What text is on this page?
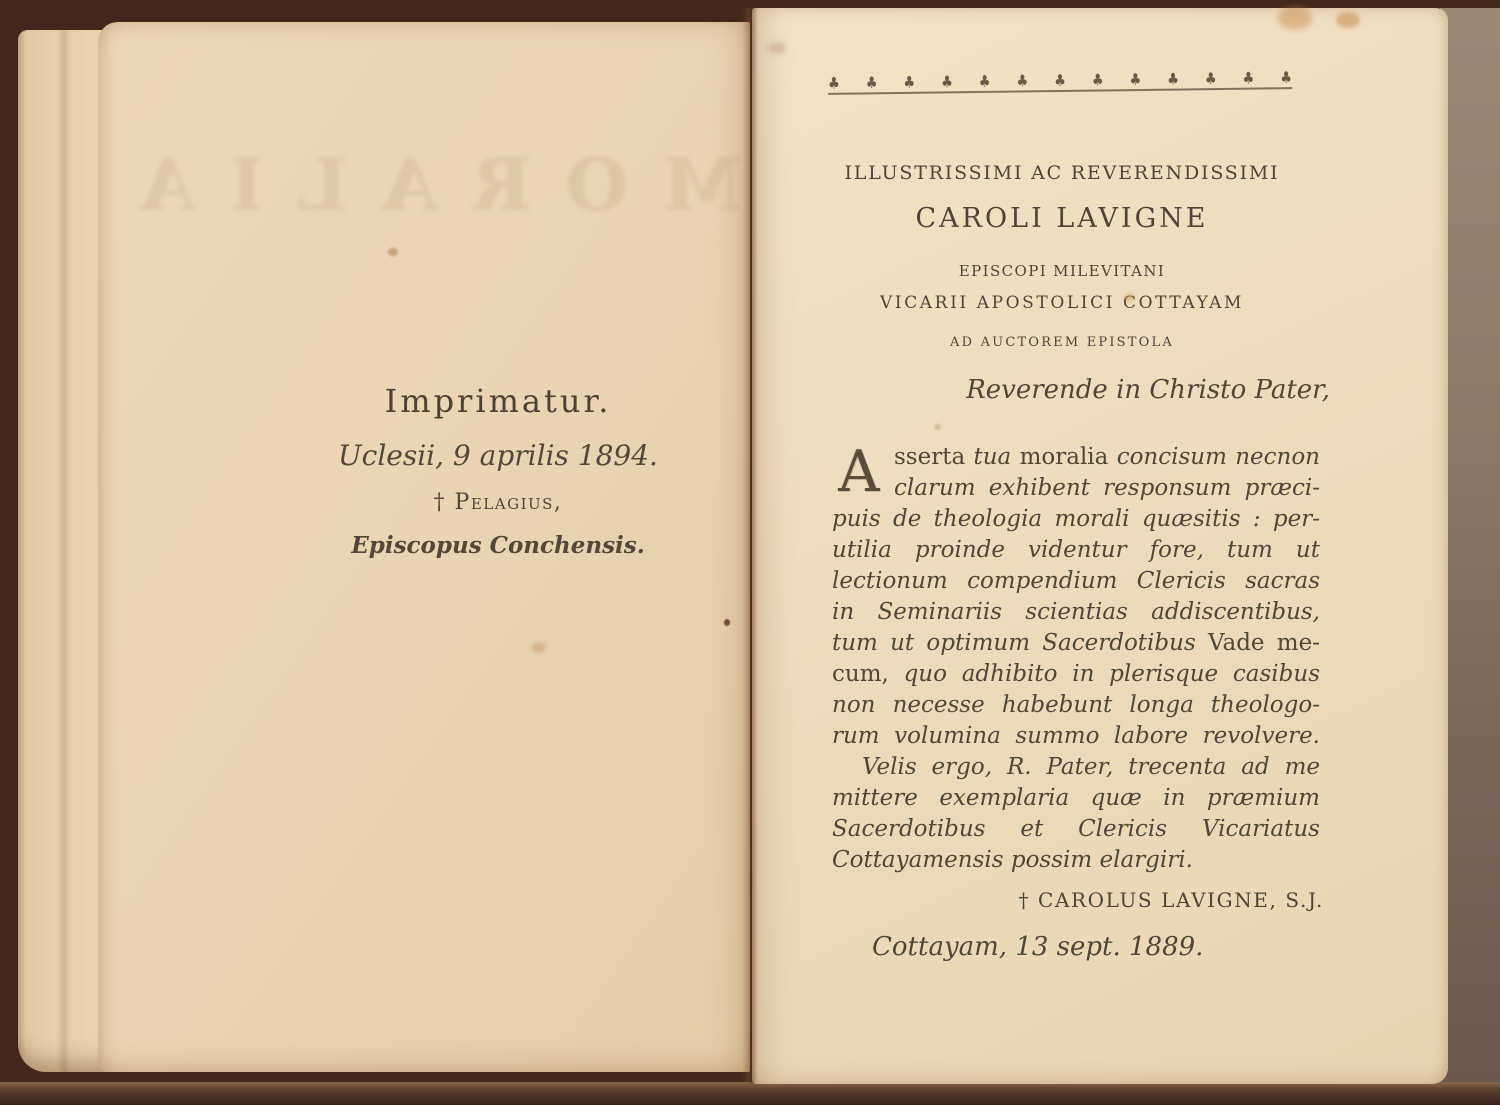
MORALIA
Imprimatur.
Uclesii, 9 aprilis 1894.
† Pelagius,
Episcopus Conchensis.
♣ ♣ ♣ ♣ ♣ ♣ ♣ ♣ ♣ ♣ ♣ ♣ ♣
ILLUSTRISSIMI AC REVERENDISSIMI
CAROLI LAVIGNE
EPISCOPI MILEVITANI
VICARII APOSTOLICI COTTAYAM
AD AUCTOREM EPISTOLA
Reverende in Christo Pater,
A sserta tua moralia concisum necnon
clarum exhibent responsum præci-
puis de theologia morali quæsitis : per-
utilia proinde videntur fore, tum ut
lectionum compendium Clericis sacras
in Seminariis scientias addiscentibus,
tum ut optimum Sacerdotibus Vade me-
cum, quo adhibito in plerisque casibus
non necesse habebunt longa theologo-
rum volumina summo labore revolvere.
Velis ergo, R. Pater, trecenta ad me
mittere exemplaria quæ in præmium
Sacerdotibus et Clericis Vicariatus
Cottayamensis possim elargiri.
† CAROLUS LAVIGNE, S.J.
Cottayam, 13 sept. 1889.
